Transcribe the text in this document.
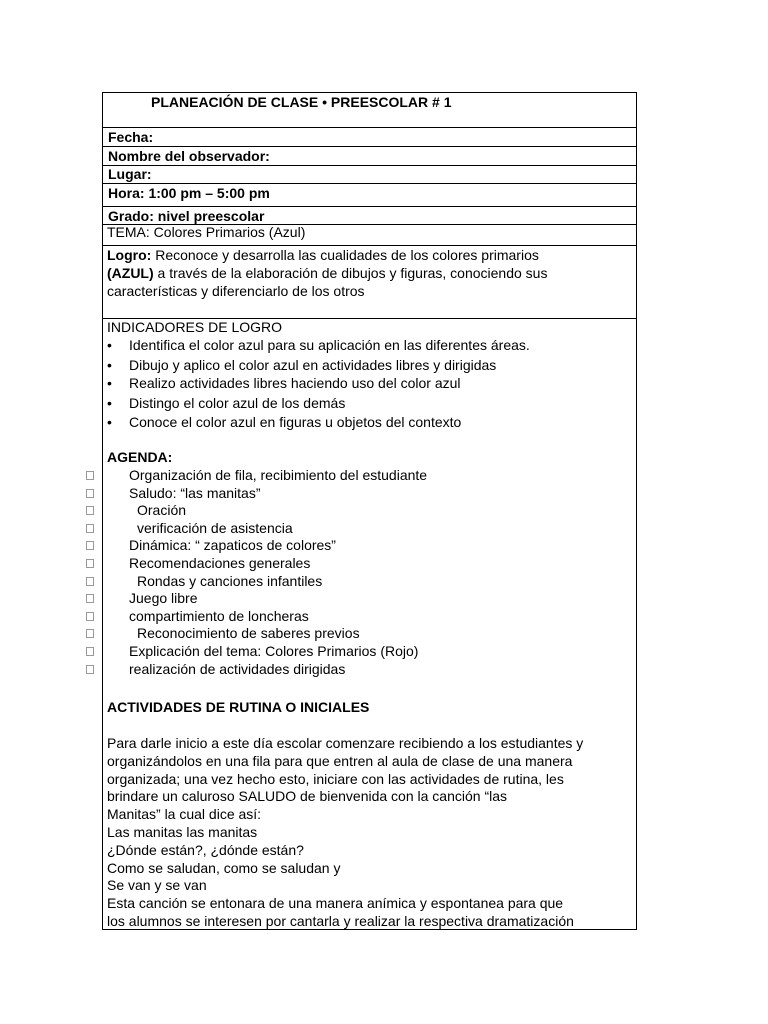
PLANEACIÓN DE CLASE • PREESCOLAR # 1
Fecha:
Nombre del observador:
Lugar:
Hora: 1:00 pm – 5:00 pm
Grado: nivel preescolar
TEMA: Colores Primarios (Azul)
Logro: Reconoce y desarrolla las cualidades de los colores primarios
(AZUL) a través de la elaboración de dibujos y figuras, conociendo sus
características y diferenciarlo de los otros
INDICADORES DE LOGRO
• Identifica el color azul para su aplicación en las diferentes áreas.
• Dibujo y aplico el color azul en actividades libres y dirigidas
• Realizo actividades libres haciendo uso del color azul
• Distingo el color azul de los demás
• Conoce el color azul en figuras u objetos del contexto
AGENDA:
Organización de fila, recibimiento del estudiante
Saludo: “las manitas”
Oración
verificación de asistencia
Dinámica: “ zapaticos de colores”
Recomendaciones generales
Rondas y canciones infantiles
Juego libre
compartimiento de loncheras
Reconocimiento de saberes previos
Explicación del tema: Colores Primarios (Rojo)
realización de actividades dirigidas
ACTIVIDADES DE RUTINA O INICIALES
Para darle inicio a este día escolar comenzare recibiendo a los estudiantes y
organizándolos en una fila para que entren al aula de clase de una manera
organizada; una vez hecho esto, iniciare con las actividades de rutina, les
brindare un caluroso SALUDO de bienvenida con la canción “las
Manitas” la cual dice así:
Las manitas las manitas
¿Dónde están?, ¿dónde están?
Como se saludan, como se saludan y
Se van y se van
Esta canción se entonara de una manera anímica y espontanea para que
los alumnos se interesen por cantarla y realizar la respectiva dramatización
